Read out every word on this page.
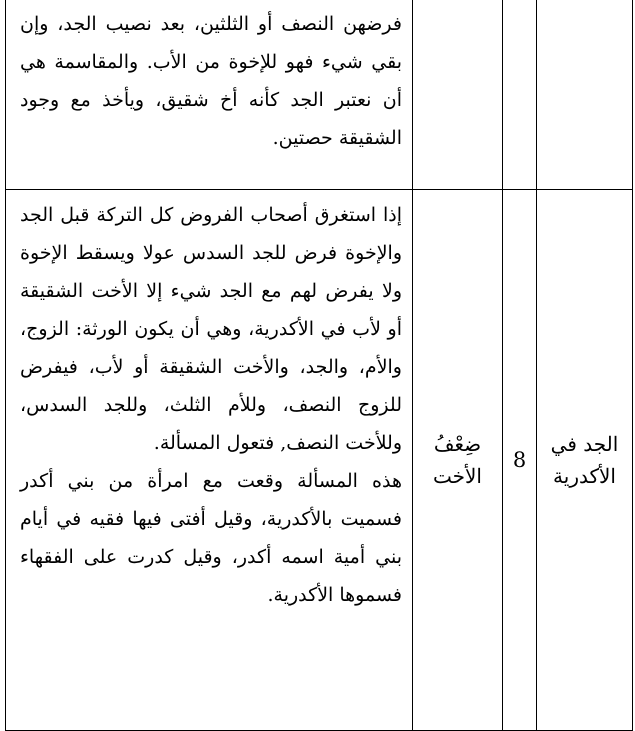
			فرضهن النصف أو الثلثين، بعد نصيب الجد، وإن بقي شيء فهو للإخوة من الأب. والمقاسمة هي أن نعتبر الجد كأنه أخ شقيق، ويأخذ مع وجود الشقيقة حصتين.

الجد في الأكدرية	8	ضِعْفُ الأخت	إذا استغرق أصحاب الفروض كل التركة قبل الجد والإخوة فرض للجد السدس عولا ويسقط الإخوة ولا يفرض لهم مع الجد شيء إلا الأخت الشقيقة أو لأب في الأكدرية، وهي أن يكون الورثة: الزوج، والأم، والجد، والأخت الشقيقة أو لأب، فيفرض للزوج النصف، وللأم الثلث، وللجد السدس، وللأخت النصف, فتعول المسألة.

هذه المسألة وقعت مع امرأة من بني أكدر فسميت بالأكدرية، وقيل أفتى فيها فقيه في أيام بني أمية اسمه أكدر، وقيل كدرت على الفقهاء فسموها الأكدرية.
